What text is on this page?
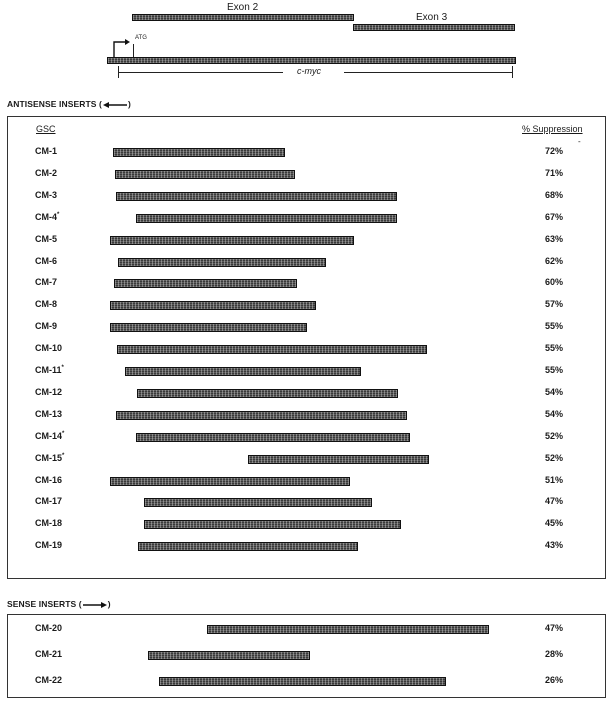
Exon 2
Exon 3
ATG
c-myc
ANTISENSE INSERTS (	)
GSC	% Suppression
-
CM-1	72%
CM-2	71%
CM-3	68%
CM-4*	67%
CM-5	63%
CM-6	62%
CM-7	60%
CM-8	57%
CM-9	55%
CM-10	55%
CM-11*	55%
CM-12	54%
CM-13	54%
CM-14*	52%
CM-15*	52%
CM-16	51%
CM-17	47%
CM-18	45%
CM-19	43%
SENSE INSERTS (	)
CM-20	47%
CM-21	28%
CM-22	26%
